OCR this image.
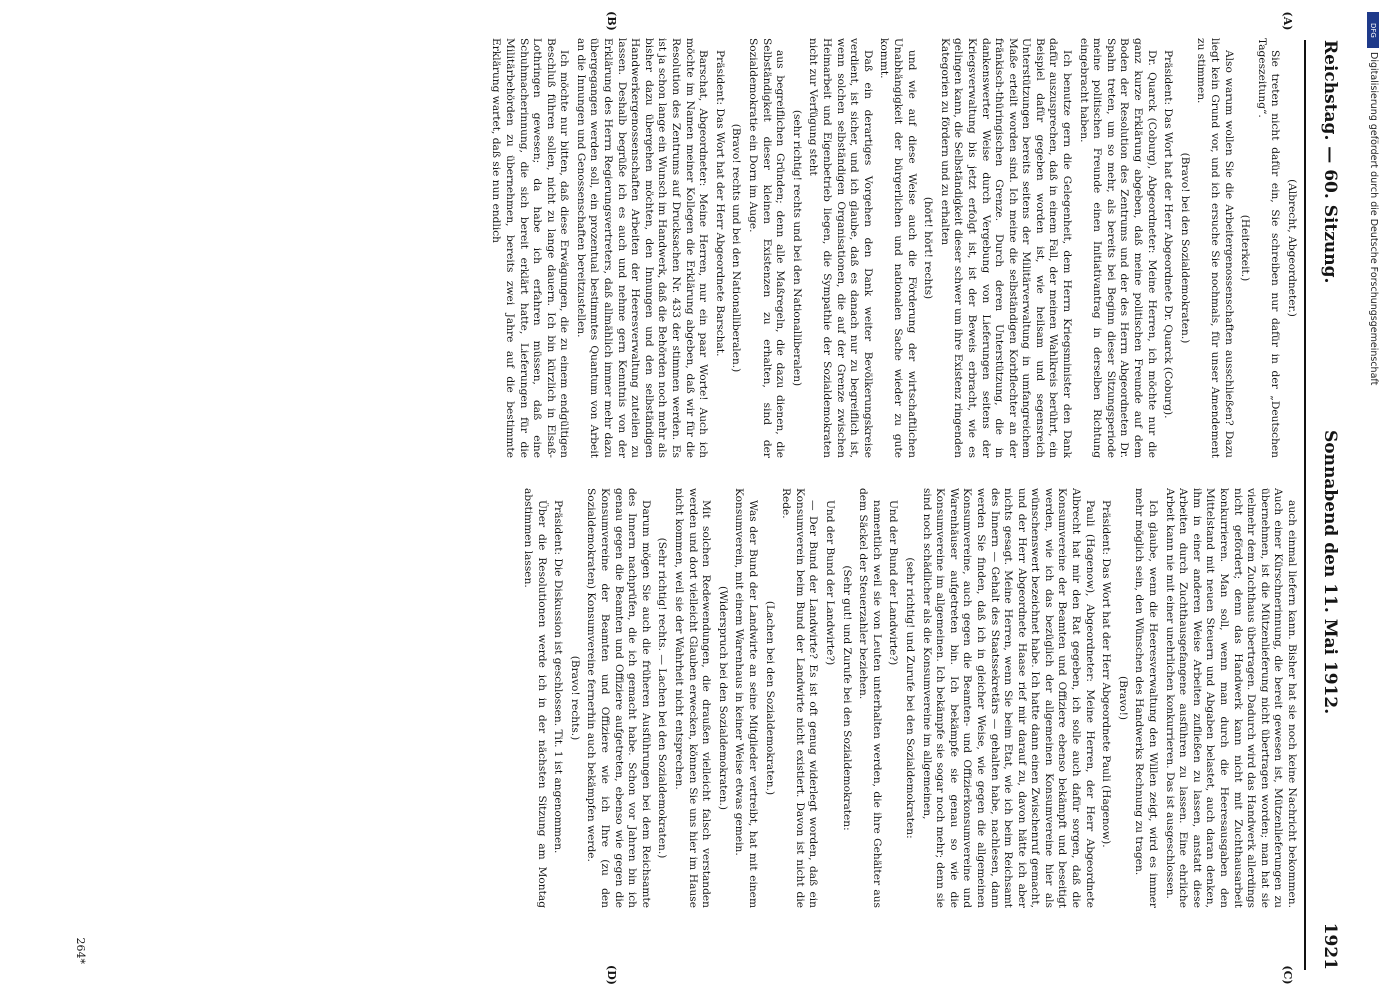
Reichstag. — 60. Sitzung.
Sonnabend den 11. Mai 1912.
1921
(A)
(B)
(C)
(D)

(Albrecht, Abgeordneter.)

Sie treten nicht dafür ein, Sie schreiben nur dafür in der „Deutschen Tageszeitung“.

(Heiterkeit.)

Also warum wollen Sie die Arbeitergenossenschaften ausschließen? Dazu liegt kein Grund vor, und ich ersuche Sie nochmals, für unser Amendement zu stimmen.

(Bravo! bei den Sozialdemokraten.)

Präsident: Das Wort hat der Herr Abgeordnete Dr. Quarck (Coburg).

Dr. Quarck (Coburg), Abgeordneter: Meine Herren, ich möchte nur die ganz kurze Erklärung abgeben, daß meine politischen Freunde auf dem Boden der Resolution des Zentrums und der des Herrn Abgeordneten Dr. Spahn treten, um so mehr, als bereits bei Beginn dieser Sitzungsperiode meine politischen Freunde einen Initiativantrag in derselben Richtung eingebracht haben.

Ich benutze gern die Gelegenheit, dem Herrn Kriegsminister den Dank dafür auszusprechen, daß in einem Fall, der meinen Wahlkreis berührt, ein Beispiel dafür gegeben worden ist, wie heilsam und segensreich Unterstützungen bereits seitens der Militärverwaltung in umfangreichem Maße erteilt worden sind. Ich meine die selbständigen Korbflechter an der fränkisch-thüringischen Grenze. Durch deren Unterstützung, die in dankenswerter Weise durch Vergebung von Lieferungen seitens der Kriegsverwaltung bis jetzt erfolgt ist, ist der Beweis erbracht, wie es gelingen kann, die Selbständigkeit dieser schwer um ihre Existenz ringenden Kategorien zu fördern und zu erhalten

(hört! hört! rechts)

und wie auf diese Weise auch die Förderung der wirtschaftlichen Unabhängigkeit der bürgerlichen und nationalen Sache wieder zu gute kommt.

Daß ein derartiges Vorgehen den Dank weiter Bevölkerungskreise verdient, ist sicher, und ich glaube, daß es danach nur zu begreiflich ist, wenn solchen selbständigen Organisationen, die auf der Grenze zwischen Heimarbeit und Eigenbetrieb liegen, die Sympathie der Sozialdemokraten nicht zur Verfügung steht

(sehr richtig! rechts und bei den Nationalliberalen)

aus begreiflichen Gründen; denn alle Maßregeln, die dazu dienen, die Selbständigkeit dieser kleinen Existenzen zu erhalten, sind der Sozialdemokratie ein Dorn im Auge.

(Bravo! rechts und bei den Nationalliberalen.)

Präsident: Das Wort hat der Herr Abgeordnete Barschat.

Barschat, Abgeordneter: Meine Herren, nur ein paar Worte! Auch ich möchte im Namen meiner Kollegen die Erklärung abgeben, daß wir für die Resolution des Zentrums auf Drucksachen Nr. 433 der stimmen werden. Es ist ja schon lange ein Wunsch im Handwerk, daß die Behörden noch mehr als bisher dazu übergehen möchten, den Innungen und den selbständigen Handwerkergenossenschaften Arbeiten der Heeresverwaltung zuteilen zu lassen. Deshalb begrüße ich es auch und nehme gern Kenntnis von der Erklärung des Herrn Regierungsvertreters, daß allmählich immer mehr dazu übergegangen werden soll, ein prozentual bestimmtes Quantum von Arbeit an die Innungen und Genossenschaften bereitzustellen.

Ich möchte nur bitten, daß diese Erwägungen, die zu einem endgültigen Beschluß führen sollen, nicht zu lange dauern. Ich bin kürzlich in Elsaß-Lothringen gewesen; da habe ich erfahren müssen, daß eine Schuhmacherinnung, die sich bereit erklärt hatte, Lieferungen für die Militärbehörden zu übernehmen, bereits zwei Jahre auf die bestimmte Erklärung wartet, daß sie nun endlich

auch einmal liefern kann. Bisher hat sie noch keine Nachricht bekommen. Auch einer Kürschnerinnung, die bereit gewesen ist, Mützenlieferungen zu übernehmen, ist die Mützenlieferung nicht übertragen worden; man hat sie vielmehr dem Zuchthaus übertragen. Dadurch wird das Handwerk allerdings nicht gefördert; denn das Handwerk kann nicht mit Zuchthausarbeit konkurrieren. Man soll, wenn man durch die Heeresausgaben den Mittelstand mit neuen Steuern und Abgaben belastet, auch daran denken, ihm in einer anderen Weise Arbeiten zufließen zu lassen, anstatt diese Arbeiten durch Zuchthausgefangene ausführen zu lassen. Eine ehrliche Arbeit kann nie mit einer unehrlichen konkurrieren. Das ist ausgeschlossen.

Ich glaube, wenn die Heeresverwaltung den Willen zeigt, wird es immer mehr möglich sein, den Wünschen des Handwerks Rechnung zu tragen.

(Bravo!)

Präsident: Das Wort hat der Herr Abgeordnete Pauli (Hagenow).

Pauli (Hagenow), Abgeordneter: Meine Herren, der Herr Abgeordnete Albrecht hat mir den Rat gegeben, ich solle auch dafür sorgen, daß die Konsumvereine der Beamten und Offiziere ebenso bekämpft und beseitigt werden, wie ich das bezüglich der allgemeinen Konsumvereine hier als wünschenswert bezeichnet habe. Ich hatte dann einen Zwischenruf gemacht, und der Herr Abgeordnete Haase rief mir darauf zu, davon hätte ich aber nichts gesagt. Meine Herren, wenn Sie beim Etat, wie ich beim Reichsamt des Innern — Gehalt des Staatssekretärs — gehalten habe, nachlesen, dann werden Sie finden, daß ich in gleicher Weise, wie gegen die allgemeinen Konsumvereine, auch gegen die Beamten- und Offizierkonsumvereine und Warenhäuser aufgetreten bin. Ich bekämpfe sie genau so wie die Konsumvereine im allgemeinen. Ich bekämpfe sie sogar noch mehr; denn sie sind noch schädlicher als die Konsumvereine im allgemeinen,

(sehr richtig! und Zurufe bei den Sozialdemokraten:

Und der Bund der Landwirte?)

namentlich weil sie von Leuten unterhalten werden, die ihre Gehälter aus dem Säckel der Steuerzahler beziehen.

(Sehr gut! und Zurufe bei den Sozialdemokraten:

Und der Bund der Landwirte?)

— Der Bund der Landwirte? Es ist oft genug widerlegt worden, daß ein Konsumverein beim Bund der Landwirte nicht existiert. Davon ist nicht die Rede.

(Lachen bei den Sozialdemokraten.)

Was der Bund der Landwirte an seine Mitglieder vertreibt, hat mit einem Konsumverein, mit einem Warenhaus in keiner Weise etwas gemein.

(Widerspruch bei den Sozialdemokraten.)

Mit solchen Redewendungen, die draußen vielleicht falsch verstanden werden und dort vielleicht Glauben erwecken, können Sie uns hier im Hause nicht kommen, weil sie der Wahrheit nicht entsprechen.

(Sehr richtig! rechts. — Lachen bei den Sozialdemokraten.)

Darum mögen Sie auch die früheren Ausführungen bei dem Reichsamte des Innern nachprüfen, die ich gemacht habe. Schon vor Jahren bin ich genau gegen die Beamten und Offiziere aufgetreten, ebenso wie gegen die Konsumvereine der Beamten und Offiziere wie ich Ihre (zu den Sozialdemokraten) Konsumvereine fernerhin auch bekämpfen werde.

(Bravo! rechts.)

Präsident: Die Diskussion ist geschlossen. Tit. 1 ist angenommen.

Über die Resolutionen werde ich in der nächsten Sitzung am Montag abstimmen lassen.

264*
DFG
Digitalisierung gefördert durch die Deutsche Forschungsgemeinschaft
